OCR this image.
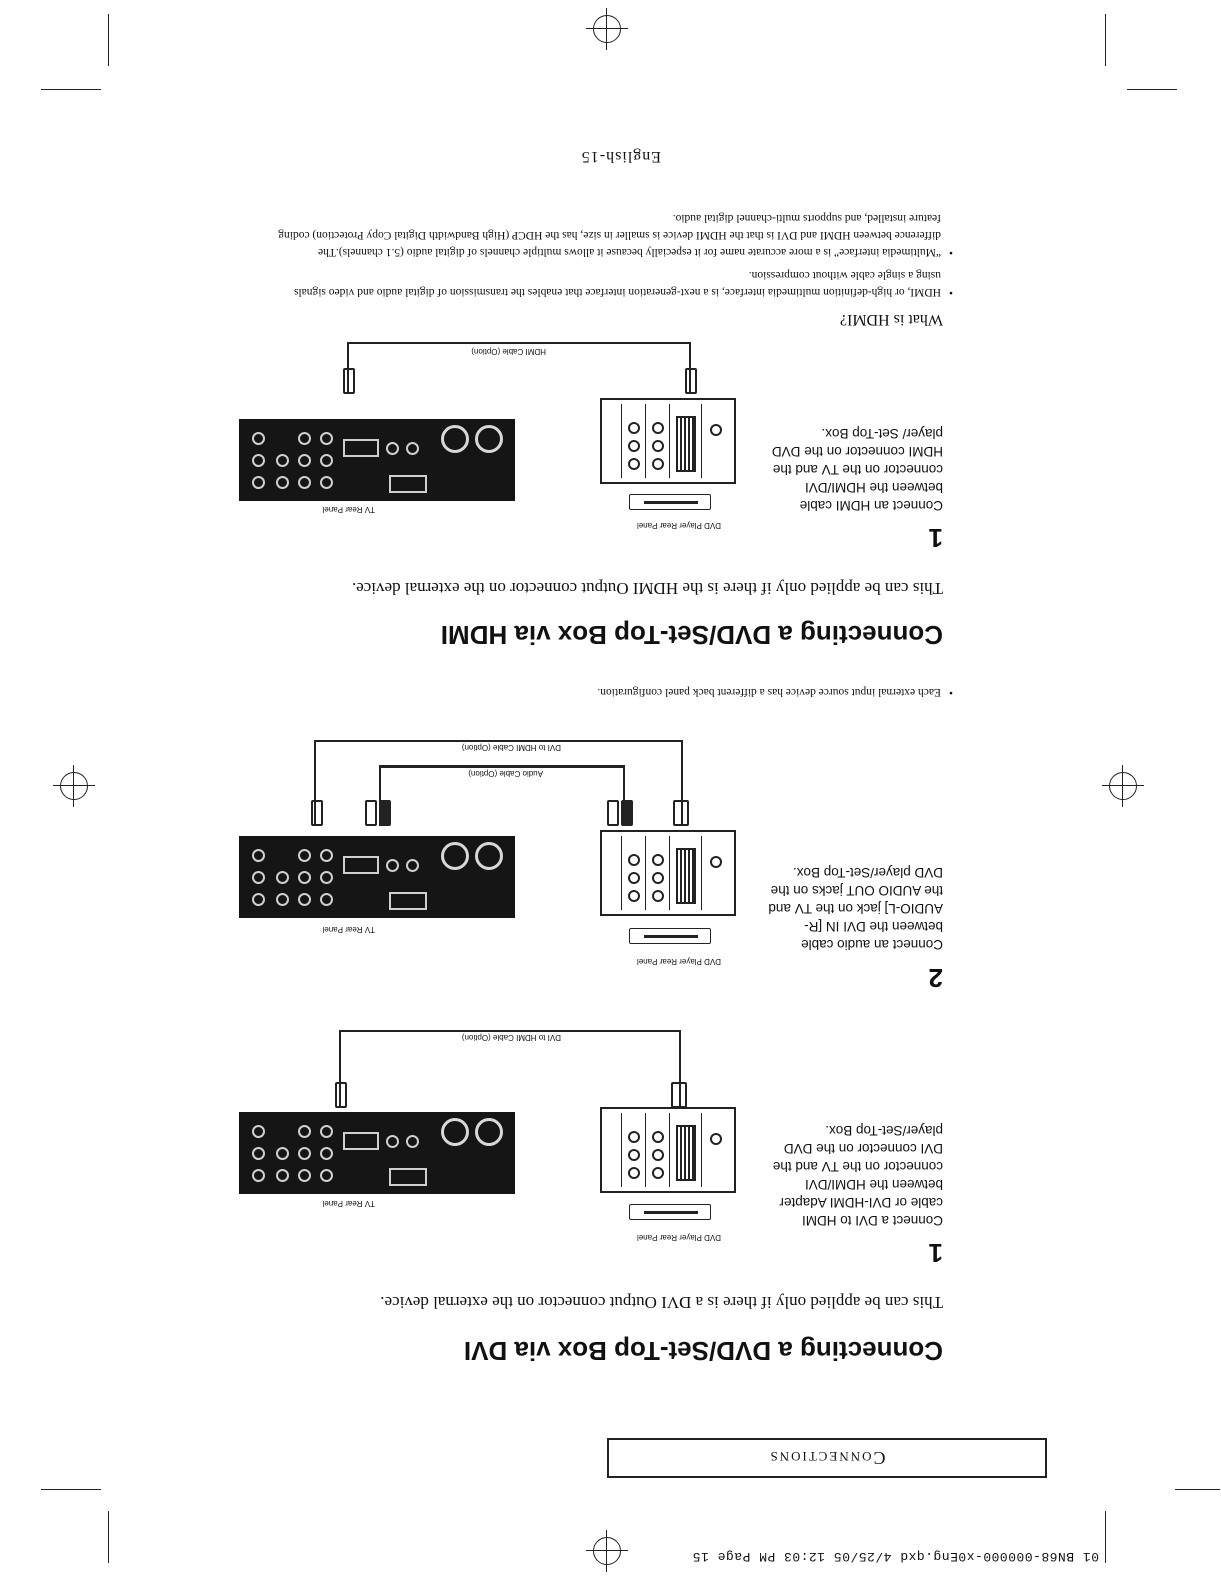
01 BN68-000000-x0Eng.qxd 4/25/05 12:03 PM Page 15
Connections
Connecting a DVD/Set-Top Box via DVI
This can be applied only if there is a DVI Output connector on the external device.
1
Connect a DVI to HDMI cable or DVI-HDMI Adapter between the HDMI/DVI connector on the TV and the DVI connector on the DVD player/Set-Top Box.
DVD Player Rear Panel
TV Rear Panel
DVI to HDMI Cable (Option)
2
Connect an audio cable between the DVI IN [R-AUDIO-L] jack on the TV and the AUDIO OUT jacks on the DVD player/Set-Top Box.
DVD Player Rear Panel
TV Rear Panel
DVI to HDMI Cable (Option)
Audio Cable (Option)
•
Each external input source device has a different back panel configuration.
Connecting a DVD/Set-Top Box via HDMI
This can be applied only if there is the HDMI Output connector on the external device.
1
Connect an HDMI cable between the HDMI/DVI connector on the TV and the HDMI connector on the DVD player/ Set-Top Box.
DVD Player Rear Panel
TV Rear Panel
HDMI Cable (Option)
What is HDMI?
•
HDMI, or high-definition multimedia interface, is a next-generation interface that enables the transmission of digital audio and video signals using a single cable without compression.
•
“Multimedia interface” is a more accurate name for it especially because it allows multiple channels of digital audio (5.1 channels).The difference between HDMI and DVI is that the HDMI device is smaller in size, has the HDCP (High Bandwidth Digital Copy Protection) coding feature installed, and supports multi-channel digital audio.
English-15
